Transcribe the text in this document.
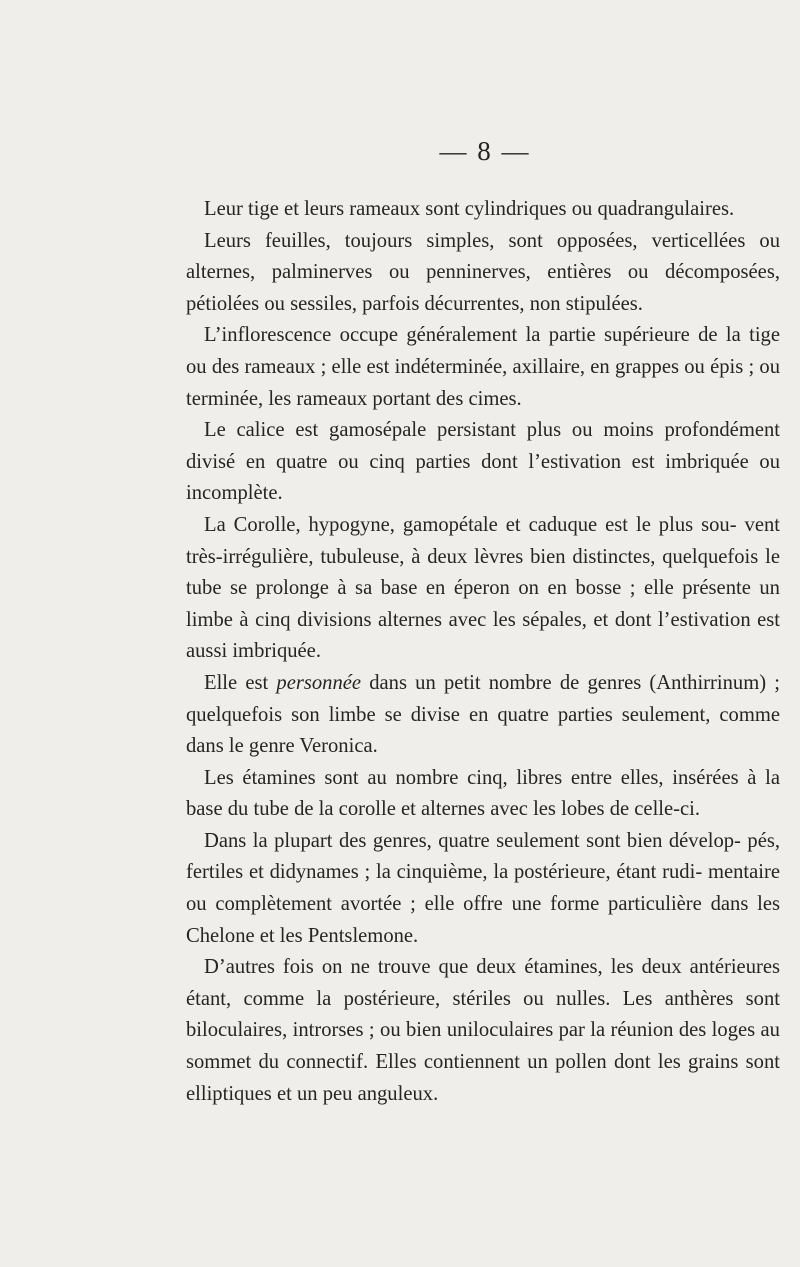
— 8 —

Leur tige et leurs rameaux sont cylindriques ou quadrangulaires.

Leurs feuilles, toujours simples, sont opposées, verticellées ou alternes, palminerves ou penninerves, entières ou décomposées, pétiolées ou sessiles, parfois décurrentes, non stipulées.

L’inflorescence occupe généralement la partie supérieure de la tige ou des rameaux ; elle est indéterminée, axillaire, en grappes ou épis ; ou terminée, les rameaux portant des cimes.

Le calice est gamosépale persistant plus ou moins profondément divisé en quatre ou cinq parties dont l’estivation est imbriquée ou incomplète.

La Corolle, hypogyne, gamopétale et caduque est le plus sou- vent très-irrégulière, tubuleuse, à deux lèvres bien distinctes, quelquefois le tube se prolonge à sa base en éperon on en bosse ; elle présente un limbe à cinq divisions alternes avec les sépales, et dont l’estivation est aussi imbriquée.

Elle est personnée dans un petit nombre de genres (Anthirrinum) ; quelquefois son limbe se divise en quatre parties seulement, comme dans le genre Veronica.

Les étamines sont au nombre cinq, libres entre elles, insérées à la base du tube de la corolle et alternes avec les lobes de celle-ci.

Dans la plupart des genres, quatre seulement sont bien dévelop- pés, fertiles et didynames ; la cinquième, la postérieure, étant rudi- mentaire ou complètement avortée ; elle offre une forme particulière dans les Chelone et les Pentslemone.

D’autres fois on ne trouve que deux étamines, les deux antérieures étant, comme la postérieure, stériles ou nulles. Les anthères sont biloculaires, introrses ; ou bien uniloculaires par la réunion des loges au sommet du connectif. Elles contiennent un pollen dont les grains sont elliptiques et un peu anguleux.
